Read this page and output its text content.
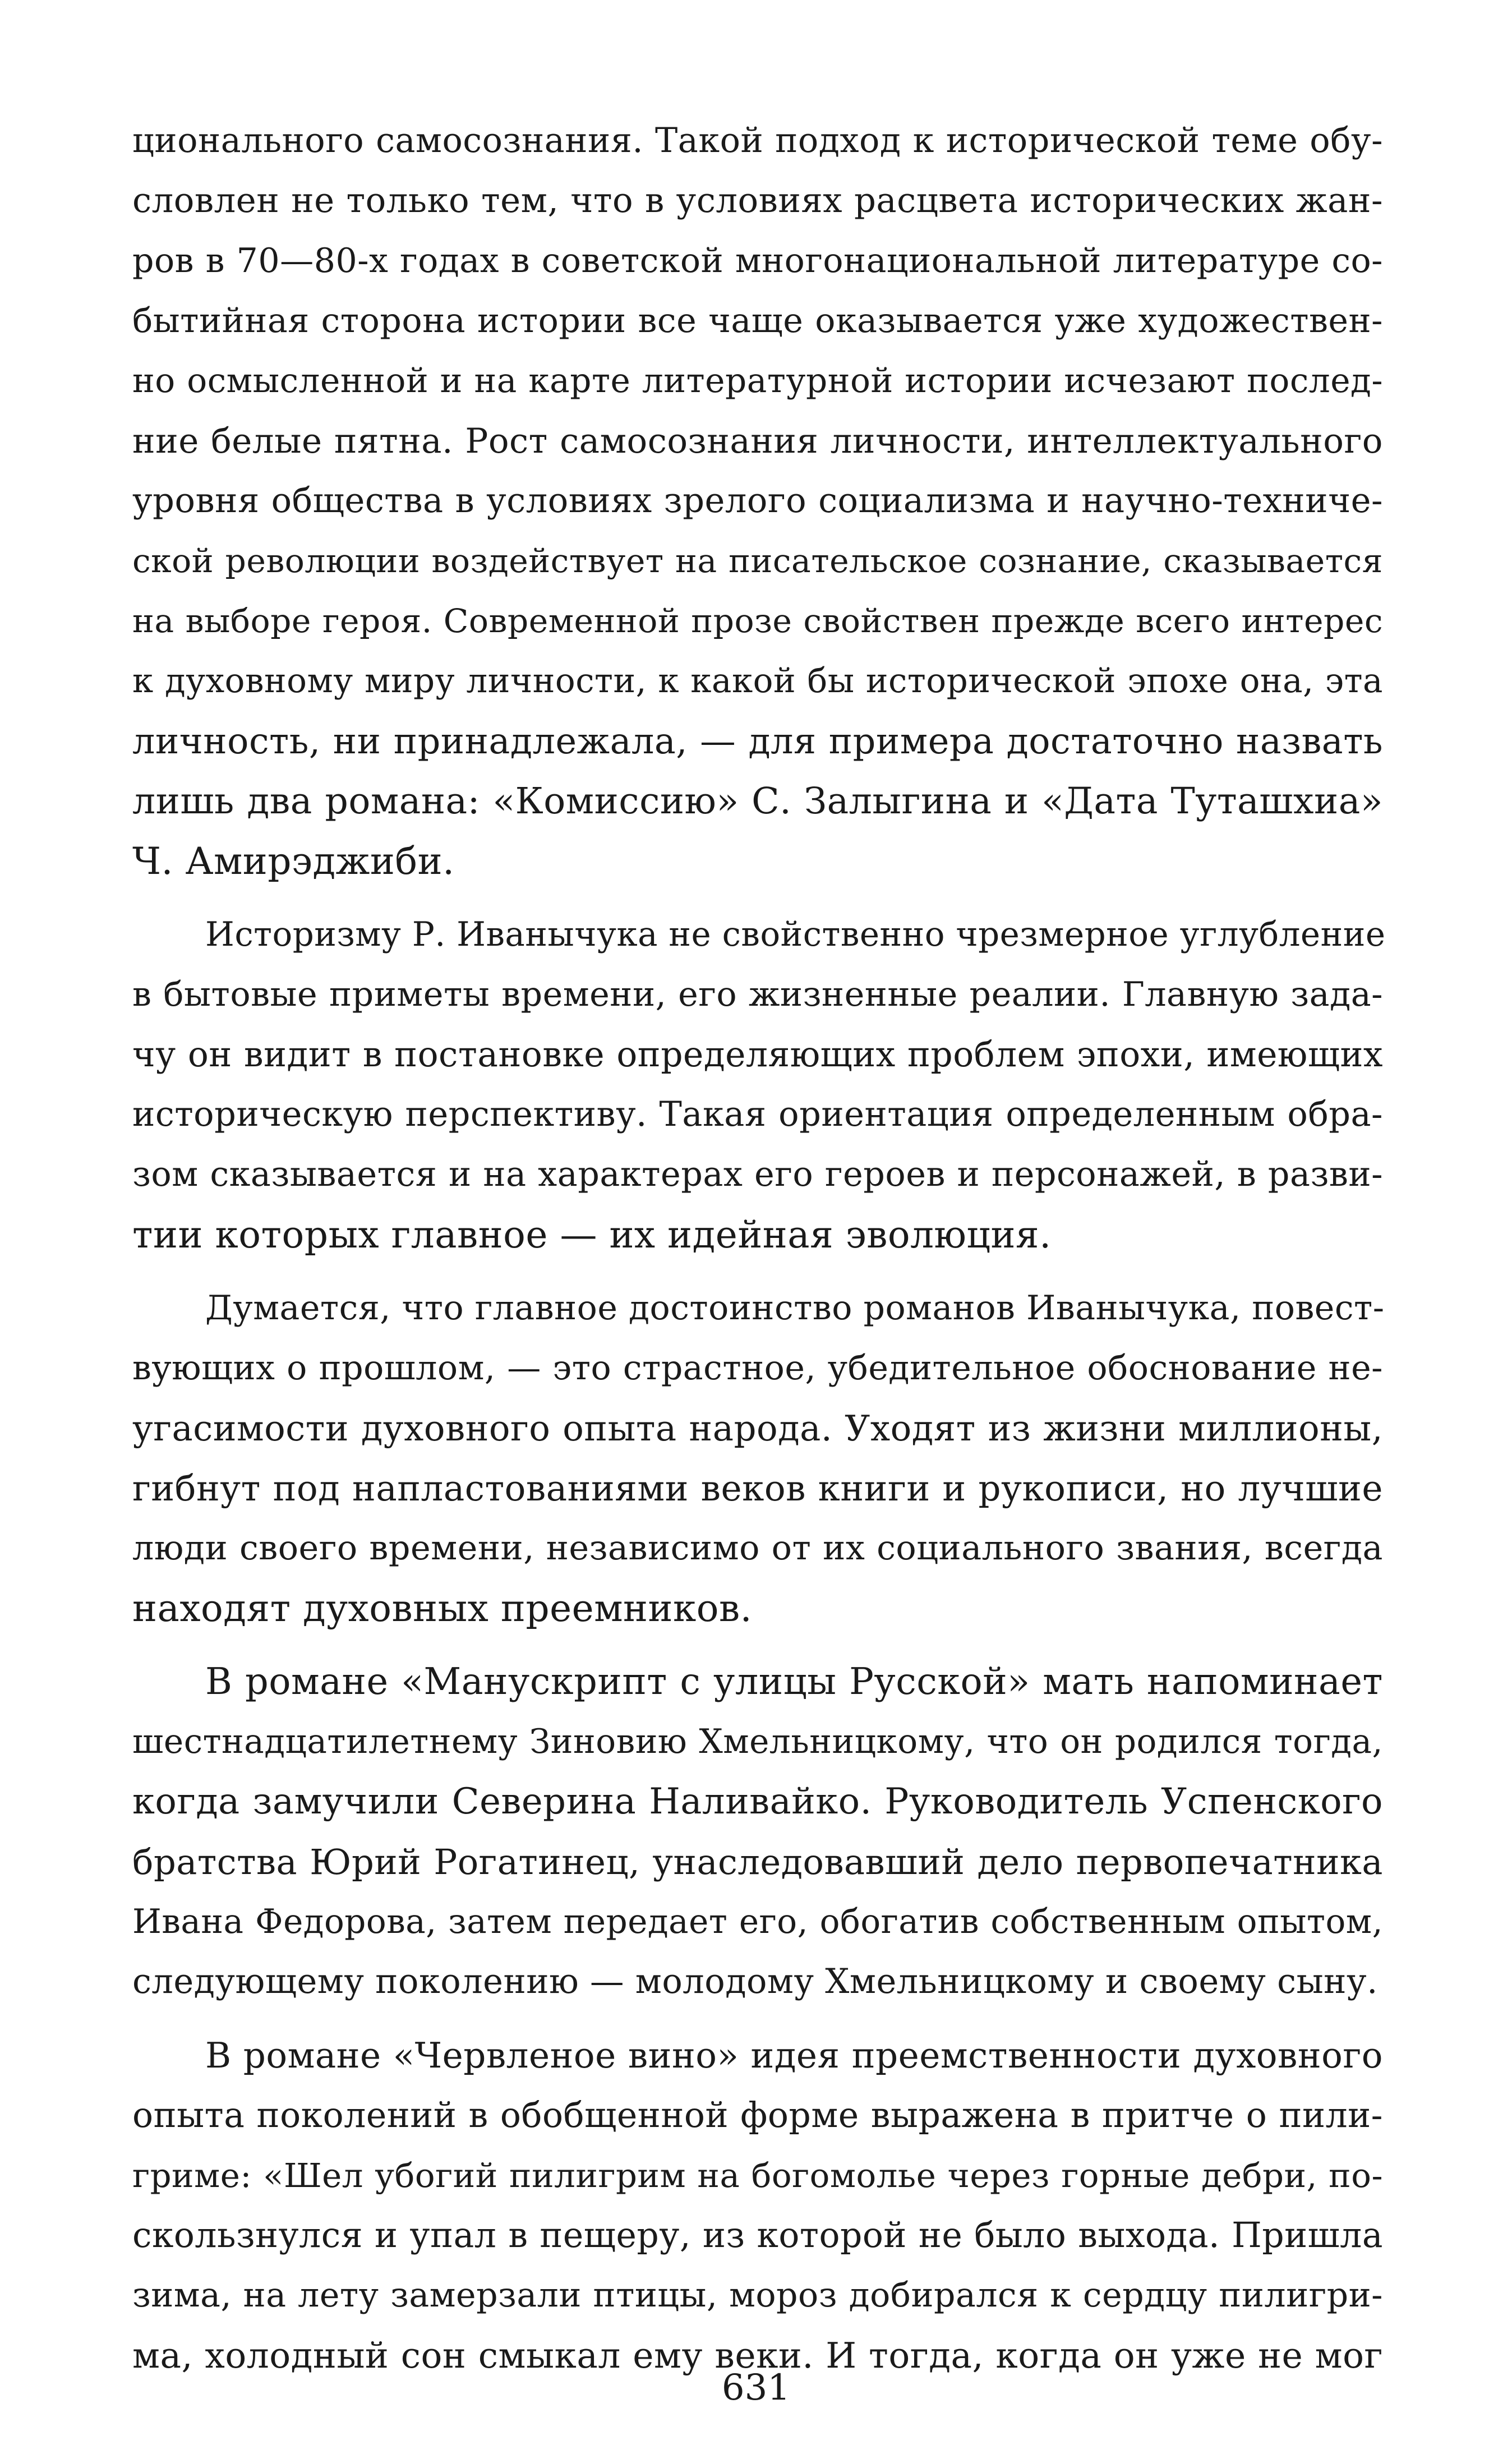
ционального самосознания. Такой подход к исторической теме обу-
словлен не только тем, что в условиях расцвета исторических жан-
ров в 70—80-х годах в советской многонациональной литературе со-
бытийная сторона истории все чаще оказывается уже художествен-
но осмысленной и на карте литературной истории исчезают послед-
ние белые пятна. Рост самосознания личности, интеллектуального
уровня общества в условиях зрелого социализма и научно-техниче-
ской революции воздействует на писательское сознание, сказывается
на выборе героя. Современной прозе свойствен прежде всего интерес
к духовному миру личности, к какой бы исторической эпохе она, эта
личность, ни принадлежала, — для примера достаточно назвать
лишь два романа: «Комиссию» С. Залыгина и «Дата Туташхиа»
Ч. Амирэджиби.
Историзму Р. Иванычука не свойственно чрезмерное углубление
в бытовые приметы времени, его жизненные реалии. Главную зада-
чу он видит в постановке определяющих проблем эпохи, имеющих
историческую перспективу. Такая ориентация определенным обра-
зом сказывается и на характерах его героев и персонажей, в разви-
тии которых главное — их идейная эволюция.
Думается, что главное достоинство романов Иванычука, повест-
вующих о прошлом, — это страстное, убедительное обоснование не-
угасимости духовного опыта народа. Уходят из жизни миллионы,
гибнут под напластованиями веков книги и рукописи, но лучшие
люди своего времени, независимо от их социального звания, всегда
находят духовных преемников.
В романе «Манускрипт с улицы Русской» мать напоминает
шестнадцатилетнему Зиновию Хмельницкому, что он родился тогда,
когда замучили Северина Наливайко. Руководитель Успенского
братства Юрий Рогатинец, унаследовавший дело первопечатника
Ивана Федорова, затем передает его, обогатив собственным опытом,
следующему поколению — молодому Хмельницкому и своему сыну.
В романе «Червленое вино» идея преемственности духовного
опыта поколений в обобщенной форме выражена в притче о пили-
гриме: «Шел убогий пилигрим на богомолье через горные дебри, по-
скользнулся и упал в пещеру, из которой не было выхода. Пришла
зима, на лету замерзали птицы, мороз добирался к сердцу пилигри-
ма, холодный сон смыкал ему веки. И тогда, когда он уже не мог
631
